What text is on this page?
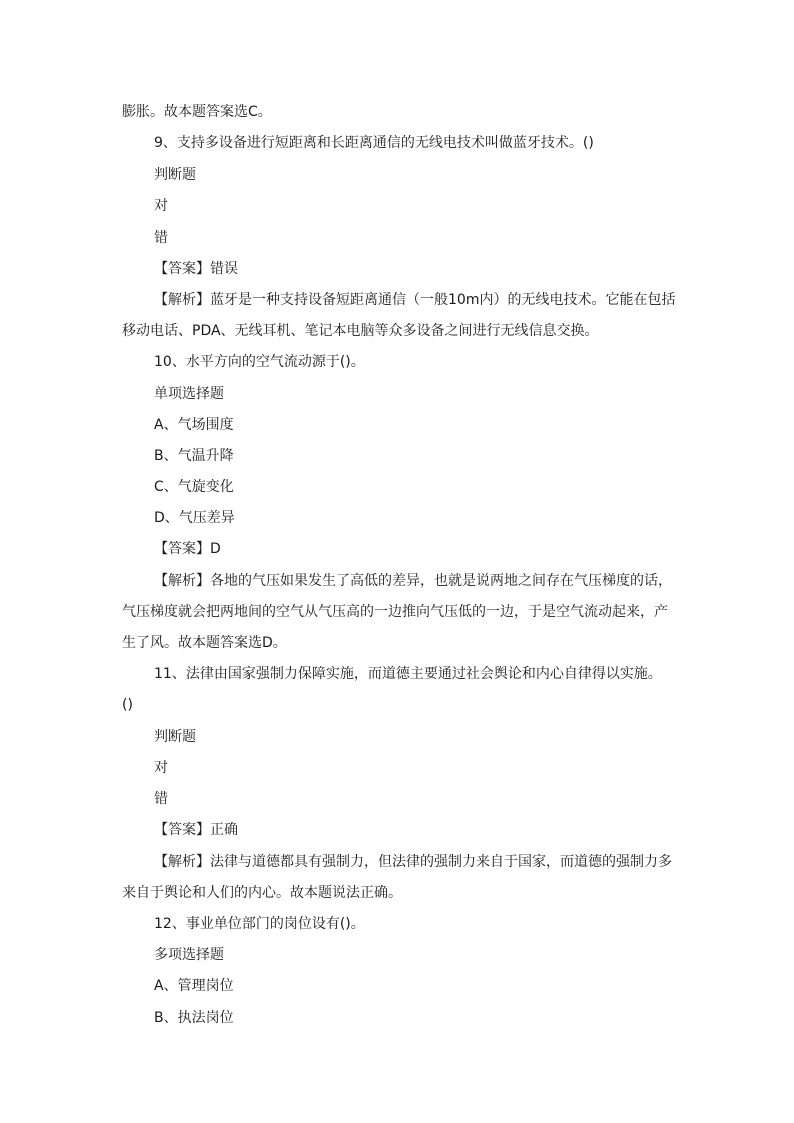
膨胀。故本题答案选C。
9、支持多设备进行短距离和长距离通信的无线电技术叫做蓝牙技术。()
判断题
对
错
【答案】错误
【解析】蓝牙是一种支持设备短距离通信（一般10m内）的无线电技术。它能在包括
移动电话、PDA、无线耳机、笔记本电脑等众多设备之间进行无线信息交换。
10、水平方向的空气流动源于()。
单项选择题
A、气场围度
B、气温升降
C、气旋变化
D、气压差异
【答案】D
【解析】各地的气压如果发生了高低的差异，也就是说两地之间存在气压梯度的话，
气压梯度就会把两地间的空气从气压高的一边推向气压低的一边，于是空气流动起来，产
生了风。故本题答案选D。
11、法律由国家强制力保障实施，而道德主要通过社会舆论和内心自律得以实施。
()
判断题
对
错
【答案】正确
【解析】法律与道德都具有强制力，但法律的强制力来自于国家，而道德的强制力多
来自于舆论和人们的内心。故本题说法正确。
12、事业单位部门的岗位设有()。
多项选择题
A、管理岗位
B、执法岗位
